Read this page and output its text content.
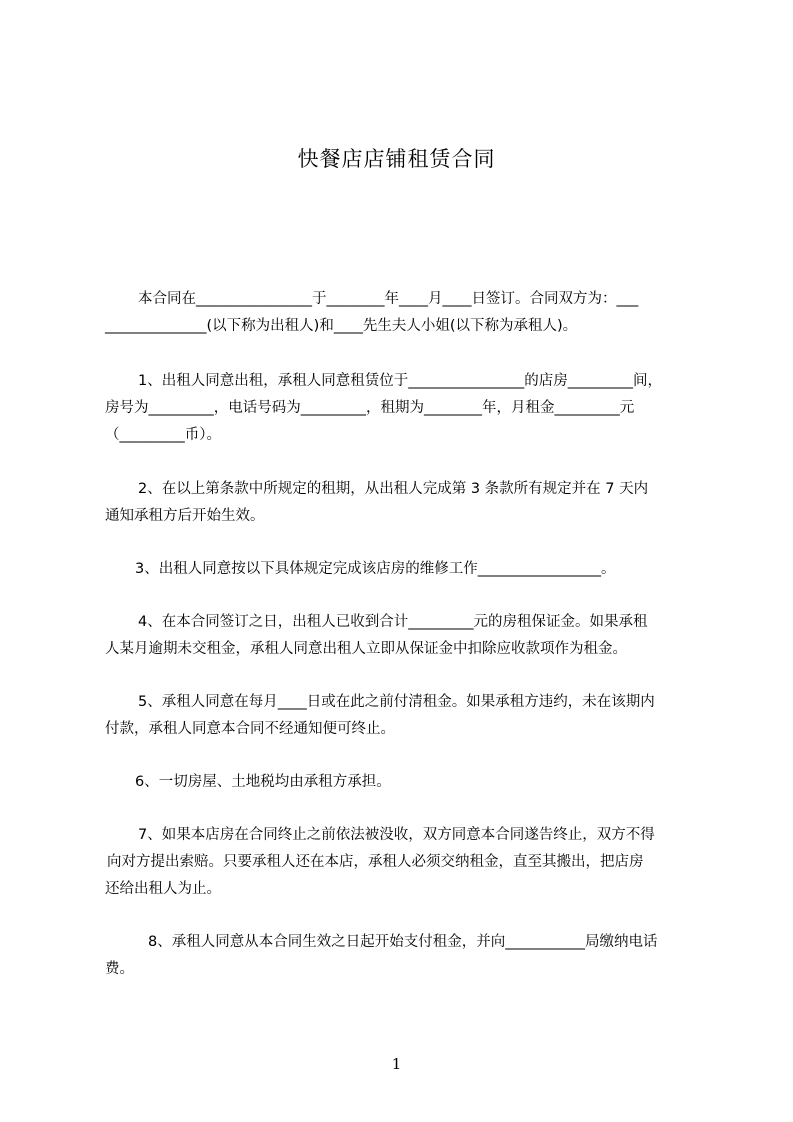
快餐店店铺租赁合同

本合同在________________于________年____月____日签订。合同双方为：___

______________(以下称为出租人)和____先生夫人小姐(以下称为承租人)。

1、出租人同意出租，承租人同意租赁位于________________的店房_________间，

房号为_________，电话号码为_________，租期为________年，月租金_________元

（_________币）。

2、在以上第条款中所规定的租期，从出租人完成第 3 条款所有规定并在 7 天内

通知承租方后开始生效。

3、出租人同意按以下具体规定完成该店房的维修工作_________________。

4、在本合同签订之日，出租人已收到合计_________元的房租保证金。如果承租

人某月逾期未交租金，承租人同意出租人立即从保证金中扣除应收款项作为租金。

5、承租人同意在每月____日或在此之前付清租金。如果承租方违约，未在该期内

付款，承租人同意本合同不经通知便可终止。

6、一切房屋、土地税均由承租方承担。

7、如果本店房在合同终止之前依法被没收，双方同意本合同遂告终止，双方不得

向对方提出索赔。只要承租人还在本店，承租人必须交纳租金，直至其搬出，把店房

还给出租人为止。

8、承租人同意从本合同生效之日起开始支付租金，并向___________局缴纳电话

费。

1
